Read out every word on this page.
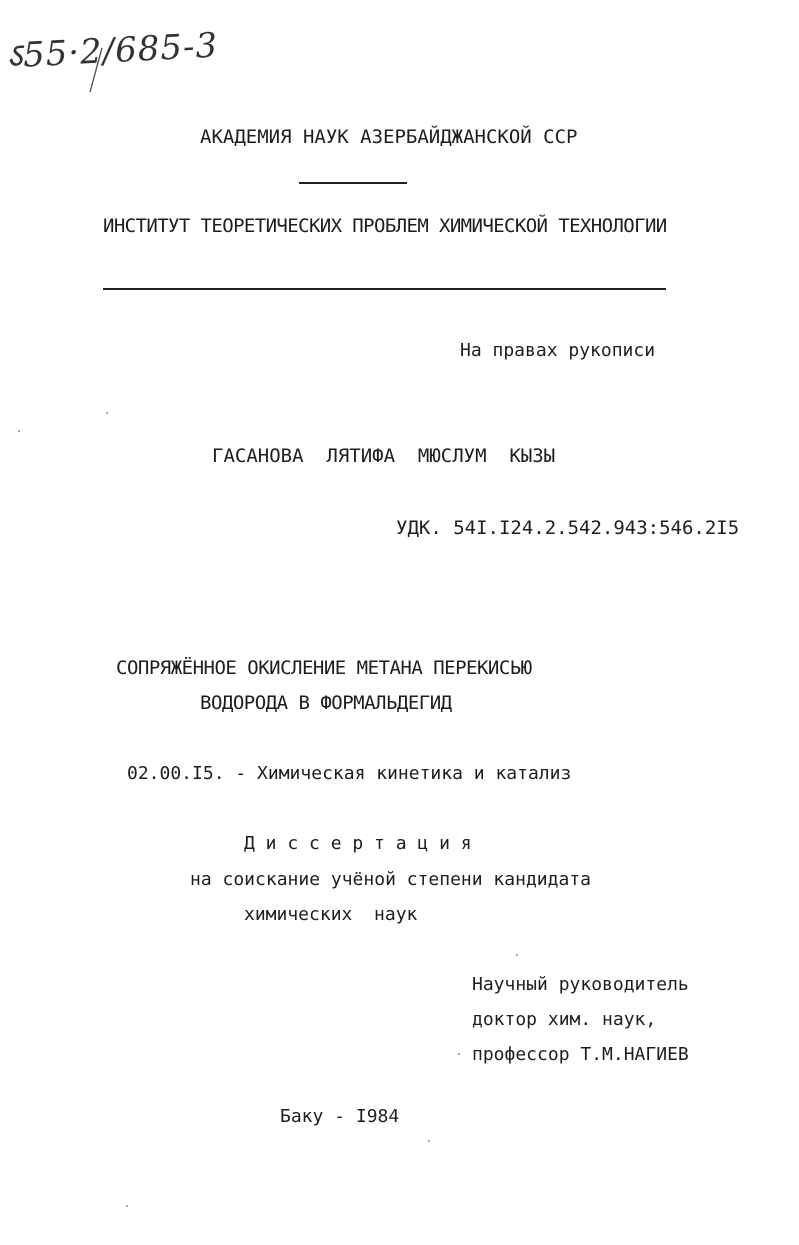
ऽ55·2/685-3
АКАДЕМИЯ НАУК АЗЕРБАЙДЖАНСКОЙ ССР
ИНСТИТУТ ТЕОРЕТИЧЕСКИХ ПРОБЛЕМ ХИМИЧЕСКОЙ ТЕХНОЛОГИИ
На правах рукописи
ГАСАНОВА  ЛЯТИФА  МЮСЛУМ  КЫЗЫ
УДК. 54I.I24.2.542.943:546.2I5
СОПРЯЖЁННОЕ ОКИСЛЕНИЕ МЕТАНА ПЕРЕКИСЬЮ
ВОДОРОДА В ФОРМАЛЬДЕГИД
02.00.I5. - Химическая кинетика и катализ
Д и с с е р т а ц и я
на соискание учёной степени кандидата
химических  наук
Научный руководитель
доктор хим. наук,
профессор Т.М.НАГИЕВ
Баку - I984
